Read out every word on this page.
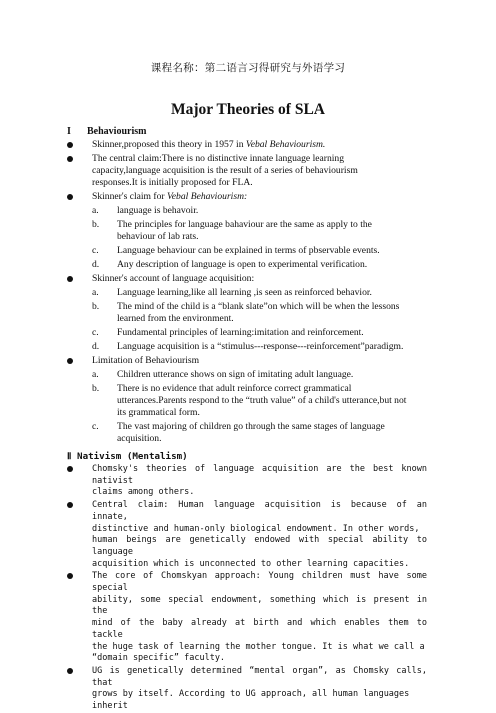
课程名称：第二语言习得研究与外语学习
Major Theories of SLA
I Behaviourism
Skinner,proposed this theory in 1957 in Vebal Behaviourism.
The central claim:There is no distinctive innate language learning
capacity,language acquisition is the result of a series of behaviourism
responses.It is initially proposed for FLA.
Skinner's claim for Vebal Behaviourism:
a. language is behavoir.
b. The principles for language bahaviour are the same as apply to the
behaviour of lab rats.
c. Language behaviour can be explained in terms of pbservable events.
d. Any description of language is open to experimental verification.
Skinner's account of language acquisition:
a. Language learning,like all learning ,is seen as reinforced behavior.
b. The mind of the child is a “blank slate”on which will be when the lessons
learned from the environment.
c. Fundamental principles of learning:imitation and reinforcement.
d. Language acquisition is a “stimulus---response---reinforcement”paradigm.
Limitation of Behaviourism
a. Children utterance shows on sign of imitating adult language.
b. There is no evidence that adult reinforce correct grammatical
utterances.Parents respond to the “truth value” of a child's utterance,but not
its grammatical form.
c. The vast majoring of children go through the same stages of language
acquisition.
Ⅱ Nativism (Mentalism)
Chomsky's theories of language acquisition are the best known nativist
claims among others.
Central claim: Human language acquisition is because of an innate,
distinctive and human-only biological endowment. In other words,
human beings are genetically endowed with special ability to language
acquisition which is unconnected to other learning capacities.
The core of Chomskyan approach: Young children must have some special
ability, some special endowment, something which is present in the
mind of the baby already at birth and which enables them to tackle
the huge task of learning the mother tongue. It is what we call a
“domain specific” faculty.
UG is genetically determined “mental organ”, as Chomsky calls, that
grows by itself. According to UG approach, all human languages inherit
